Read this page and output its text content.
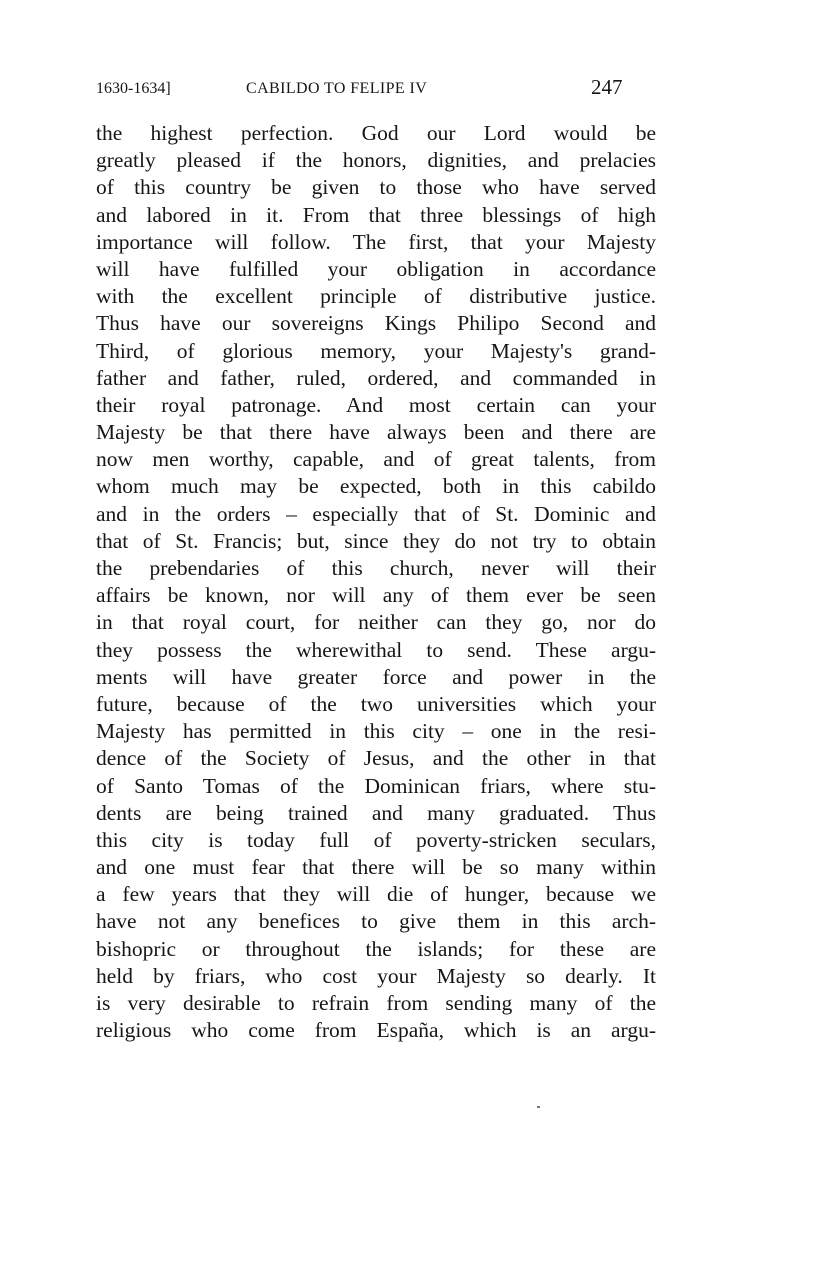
1630-1634]	CABILDO TO FELIPE IV	247
the highest perfection. God our Lord would be
greatly pleased if the honors, dignities, and prelacies
of this country be given to those who have served
and labored in it. From that three blessings of high
importance will follow. The first, that your Majesty
will have fulfilled your obligation in accordance
with the excellent principle of distributive justice.
Thus have our sovereigns Kings Philipo Second and
Third, of glorious memory, your Majesty's grand-
father and father, ruled, ordered, and commanded in
their royal patronage. And most certain can your
Majesty be that there have always been and there are
now men worthy, capable, and of great talents, from
whom much may be expected, both in this cabildo
and in the orders – especially that of St. Dominic and
that of St. Francis; but, since they do not try to obtain
the prebendaries of this church, never will their
affairs be known, nor will any of them ever be seen
in that royal court, for neither can they go, nor do
they possess the wherewithal to send. These argu-
ments will have greater force and power in the
future, because of the two universities which your
Majesty has permitted in this city – one in the resi-
dence of the Society of Jesus, and the other in that
of Santo Tomas of the Dominican friars, where stu-
dents are being trained and many graduated. Thus
this city is today full of poverty-stricken seculars,
and one must fear that there will be so many within
a few years that they will die of hunger, because we
have not any benefices to give them in this arch-
bishopric or throughout the islands; for these are
held by friars, who cost your Majesty so dearly. It
is very desirable to refrain from sending many of the
religious who come from España, which is an argu-
